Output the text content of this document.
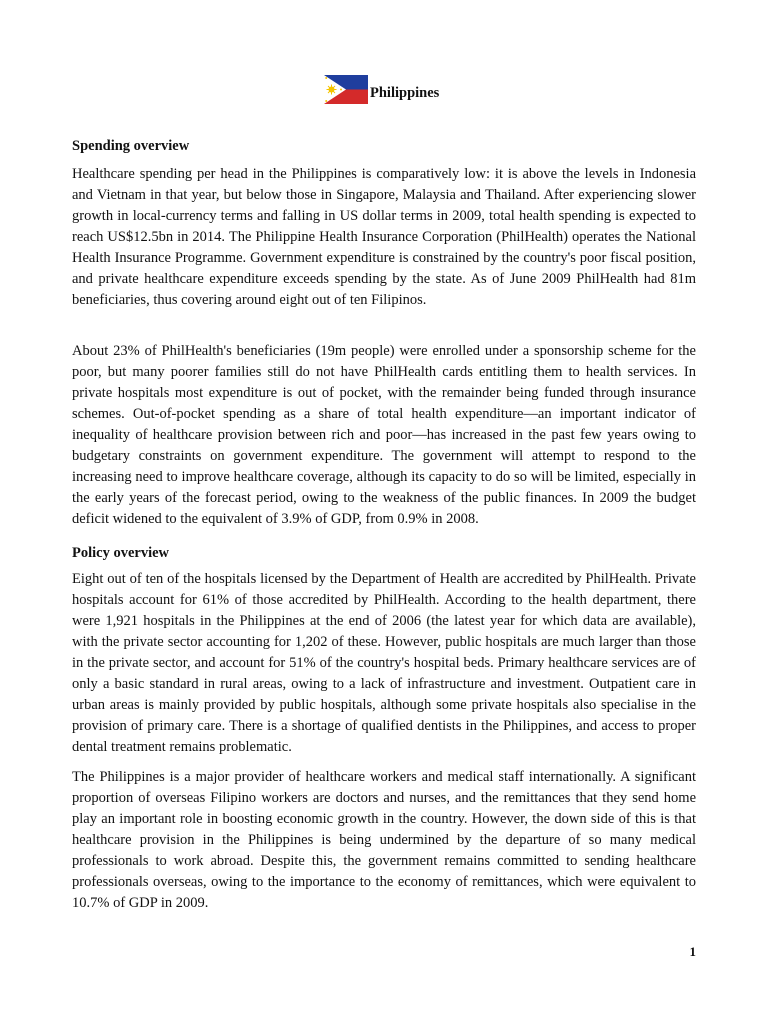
Philippines
Spending overview

Healthcare spending per head in the Philippines is comparatively low: it is above the levels in Indonesia and Vietnam in that year, but below those in Singapore, Malaysia and Thailand. After experiencing slower growth in local-currency terms and falling in US dollar terms in 2009, total health spending is expected to reach US$12.5bn in 2014. The Philippine Health Insurance Corporation (PhilHealth) operates the National Health Insurance Programme. Government expenditure is constrained by the country's poor fiscal position, and private healthcare expenditure exceeds spending by the state. As of June 2009 PhilHealth had 81m beneficiaries, thus covering around eight out of ten Filipinos.

About 23% of PhilHealth's beneficiaries (19m people) were enrolled under a sponsorship scheme for the poor, but many poorer families still do not have PhilHealth cards entitling them to health services. In private hospitals most expenditure is out of pocket, with the remainder being funded through insurance schemes. Out-of-pocket spending as a share of total health expenditure—an important indicator of inequality of healthcare provision between rich and poor—has increased in the past few years owing to budgetary constraints on government expenditure. The government will attempt to respond to the increasing need to improve healthcare coverage, although its capacity to do so will be limited, especially in the early years of the forecast period, owing to the weakness of the public finances. In 2009 the budget deficit widened to the equivalent of 3.9% of GDP, from 0.9% in 2008.

Policy overview

Eight out of ten of the hospitals licensed by the Department of Health are accredited by PhilHealth. Private hospitals account for 61% of those accredited by PhilHealth. According to the health department, there were 1,921 hospitals in the Philippines at the end of 2006 (the latest year for which data are available), with the private sector accounting for 1,202 of these. However, public hospitals are much larger than those in the private sector, and account for 51% of the country's hospital beds. Primary healthcare services are of only a basic standard in rural areas, owing to a lack of infrastructure and investment. Outpatient care in urban areas is mainly provided by public hospitals, although some private hospitals also specialise in the provision of primary care. There is a shortage of qualified dentists in the Philippines, and access to proper dental treatment remains problematic.

The Philippines is a major provider of healthcare workers and medical staff internationally. A significant proportion of overseas Filipino workers are doctors and nurses, and the remittances that they send home play an important role in boosting economic growth in the country. However, the down side of this is that healthcare provision in the Philippines is being undermined by the departure of so many medical professionals to work abroad. Despite this, the government remains committed to sending healthcare professionals overseas, owing to the importance to the economy of remittances, which were equivalent to 10.7% of GDP in 2009.

1
